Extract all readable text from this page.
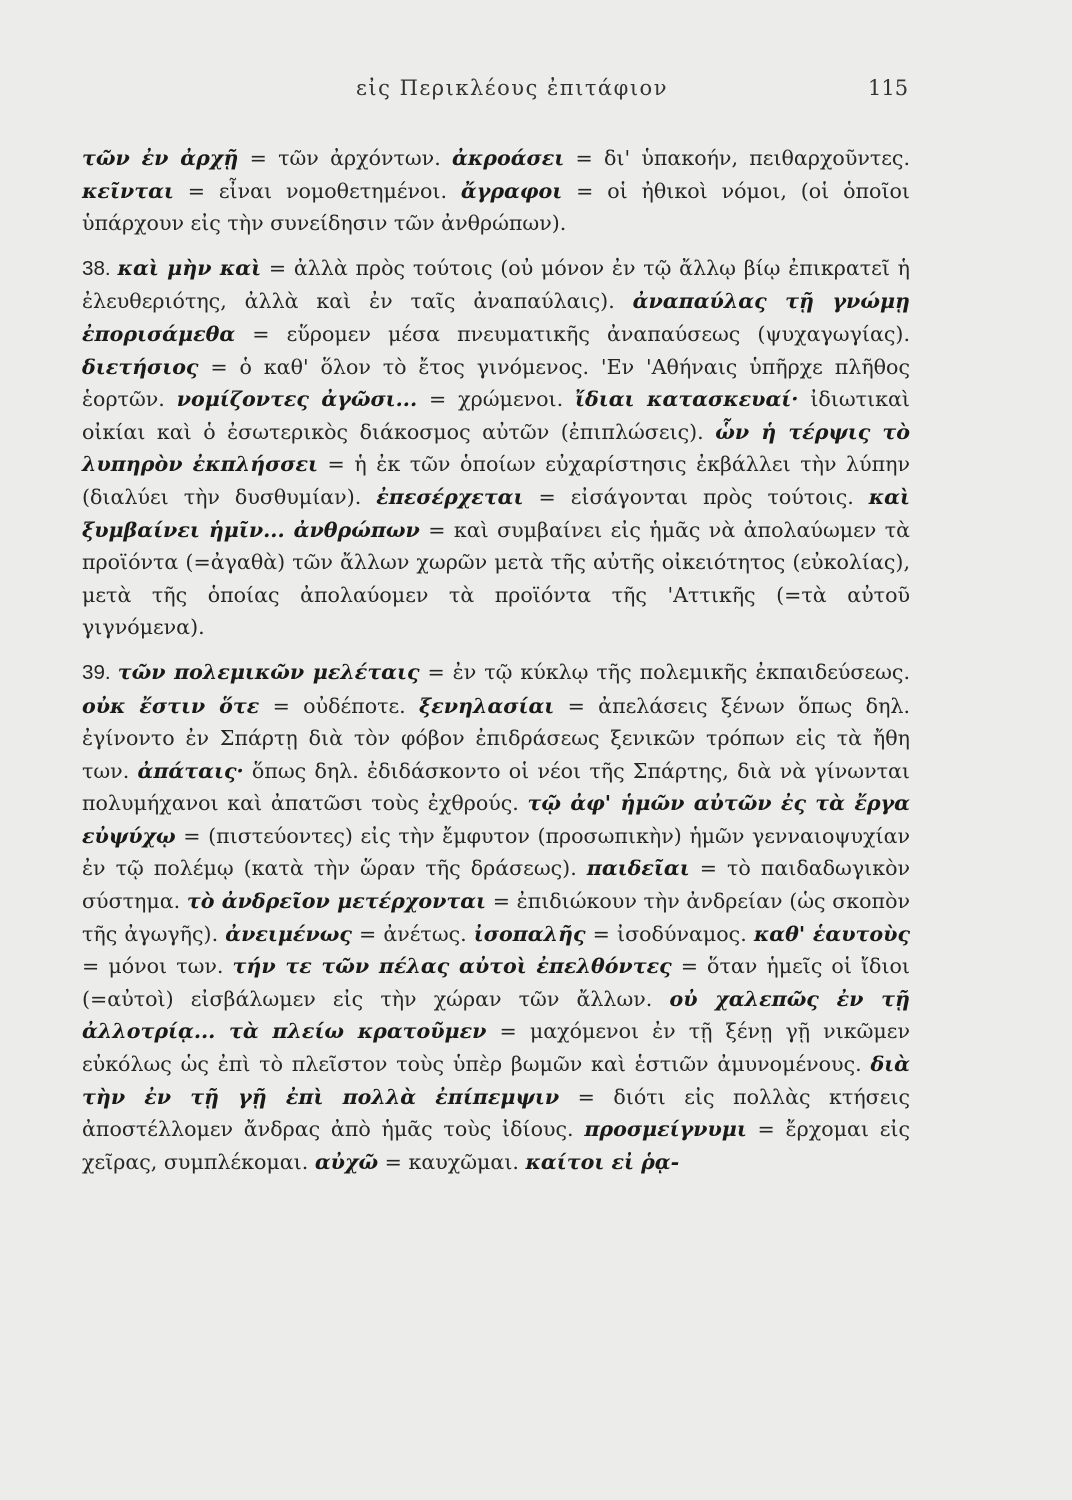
εἰς Περικλέους ἐπιτάφιον	115

τῶν ἐν ἀρχῇ = τῶν ἀρχόντων. ἀκροάσει = δι' ὑπακοήν, πειθαρχοῦντες. κεῖνται = εἶναι νομοθετημένοι. ἄγραφοι = οἱ ἠθικοὶ νόμοι, (οἱ ὁποῖοι ὑπάρχουν εἰς τὴν συνείδησιν τῶν ἀνθρώπων).

38. καὶ μὴν καὶ = ἀλλὰ πρὸς τούτοις (οὐ μόνον ἐν τῷ ἄλλῳ βίῳ ἐπικρατεῖ ἡ ἐλευθεριότης, ἀλλὰ καὶ ἐν ταῖς ἀναπαύλαις). ἀναπαύλας τῇ γνώμῃ ἐπορισάμεθα = εὕρομεν μέσα πνευματικῆς ἀναπαύσεως (ψυχαγωγίας). διετήσιος = ὁ καθ' ὅλον τὸ ἔτος γινόμενος. 'Εν 'Αθήναις ὑπῆρχε πλῆθος ἑορτῶν. νομίζοντες ἀγῶσι... = χρώμενοι. ἴδιαι κατασκευαί· ἰδιωτικαὶ οἰκίαι καὶ ὁ ἐσωτερικὸς διάκοσμος αὐτῶν (ἐπιπλώσεις). ὧν ἡ τέρψις τὸ λυπηρὸν ἐκπλήσσει = ἡ ἐκ τῶν ὁποίων εὐχαρίστησις ἐκβάλλει τὴν λύπην (διαλύει τὴν δυσθυμίαν). ἐπεσέρχεται = εἰσάγονται πρὸς τούτοις. καὶ ξυμβαίνει ἡμῖν... ἀνθρώπων = καὶ συμβαίνει εἰς ἡμᾶς νὰ ἀπολαύωμεν τὰ προϊόντα (=ἀγαθὰ) τῶν ἄλλων χωρῶν μετὰ τῆς αὐτῆς οἰκειότητος (εὐκολίας), μετὰ τῆς ὁποίας ἀπολαύομεν τὰ προϊόντα τῆς 'Αττικῆς (=τὰ αὐτοῦ γιγνόμενα).

39. τῶν πολεμικῶν μελέταις = ἐν τῷ κύκλῳ τῆς πολεμικῆς ἐκπαιδεύσεως. οὐκ ἔστιν ὅτε = οὐδέποτε. ξενηλασίαι = ἀπελάσεις ξένων ὅπως δηλ. ἐγίνοντο ἐν Σπάρτῃ διὰ τὸν φόβον ἐπιδράσεως ξενικῶν τρόπων εἰς τὰ ἤθη των. ἀπάταις· ὅπως δηλ. ἐδιδάσκοντο οἱ νέοι τῆς Σπάρτης, διὰ νὰ γίνωνται πολυμήχανοι καὶ ἀπατῶσι τοὺς ἐχθρούς. τῷ ἀφ' ἡμῶν αὐτῶν ἐς τὰ ἔργα εὐψύχῳ = (πιστεύοντες) εἰς τὴν ἔμφυτον (προσωπικὴν) ἡμῶν γενναιοψυχίαν ἐν τῷ πολέμῳ (κατὰ τὴν ὥραν τῆς δράσεως). παιδεῖαι = τὸ παιδαδωγικὸν σύστημα. τὸ ἀνδρεῖον μετέρχονται = ἐπιδιώκουν τὴν ἀνδρείαν (ὡς σκοπὸν τῆς ἀγωγῆς). ἀνειμένως = ἀνέτως. ἰσοπαλῆς = ἰσοδύναμος. καθ' ἑαυτοὺς = μόνοι των. τήν τε τῶν πέλας αὐτοὶ ἐπελθόντες = ὅταν ἡμεῖς οἱ ἴδιοι (=αὐτοὶ) εἰσβάλωμεν εἰς τὴν χώραν τῶν ἄλλων. οὐ χαλεπῶς ἐν τῇ ἀλλοτρίᾳ... τὰ πλείω κρατοῦμεν = μαχόμενοι ἐν τῇ ξένῃ γῇ νικῶμεν εὐκόλως ὡς ἐπὶ τὸ πλεῖστον τοὺς ὑπὲρ βωμῶν καὶ ἑστιῶν ἀμυνομένους. διὰ τὴν ἐν τῇ γῇ ἐπὶ πολλὰ ἐπίπεμψιν = διότι εἰς πολλὰς κτήσεις ἀποστέλλομεν ἄνδρας ἀπὸ ἡμᾶς τοὺς ἰδίους. προσμείγνυμι = ἔρχομαι εἰς χεῖρας, συμπλέκομαι. αὐχῶ = καυχῶμαι. καίτοι εἰ ῥᾳ-
